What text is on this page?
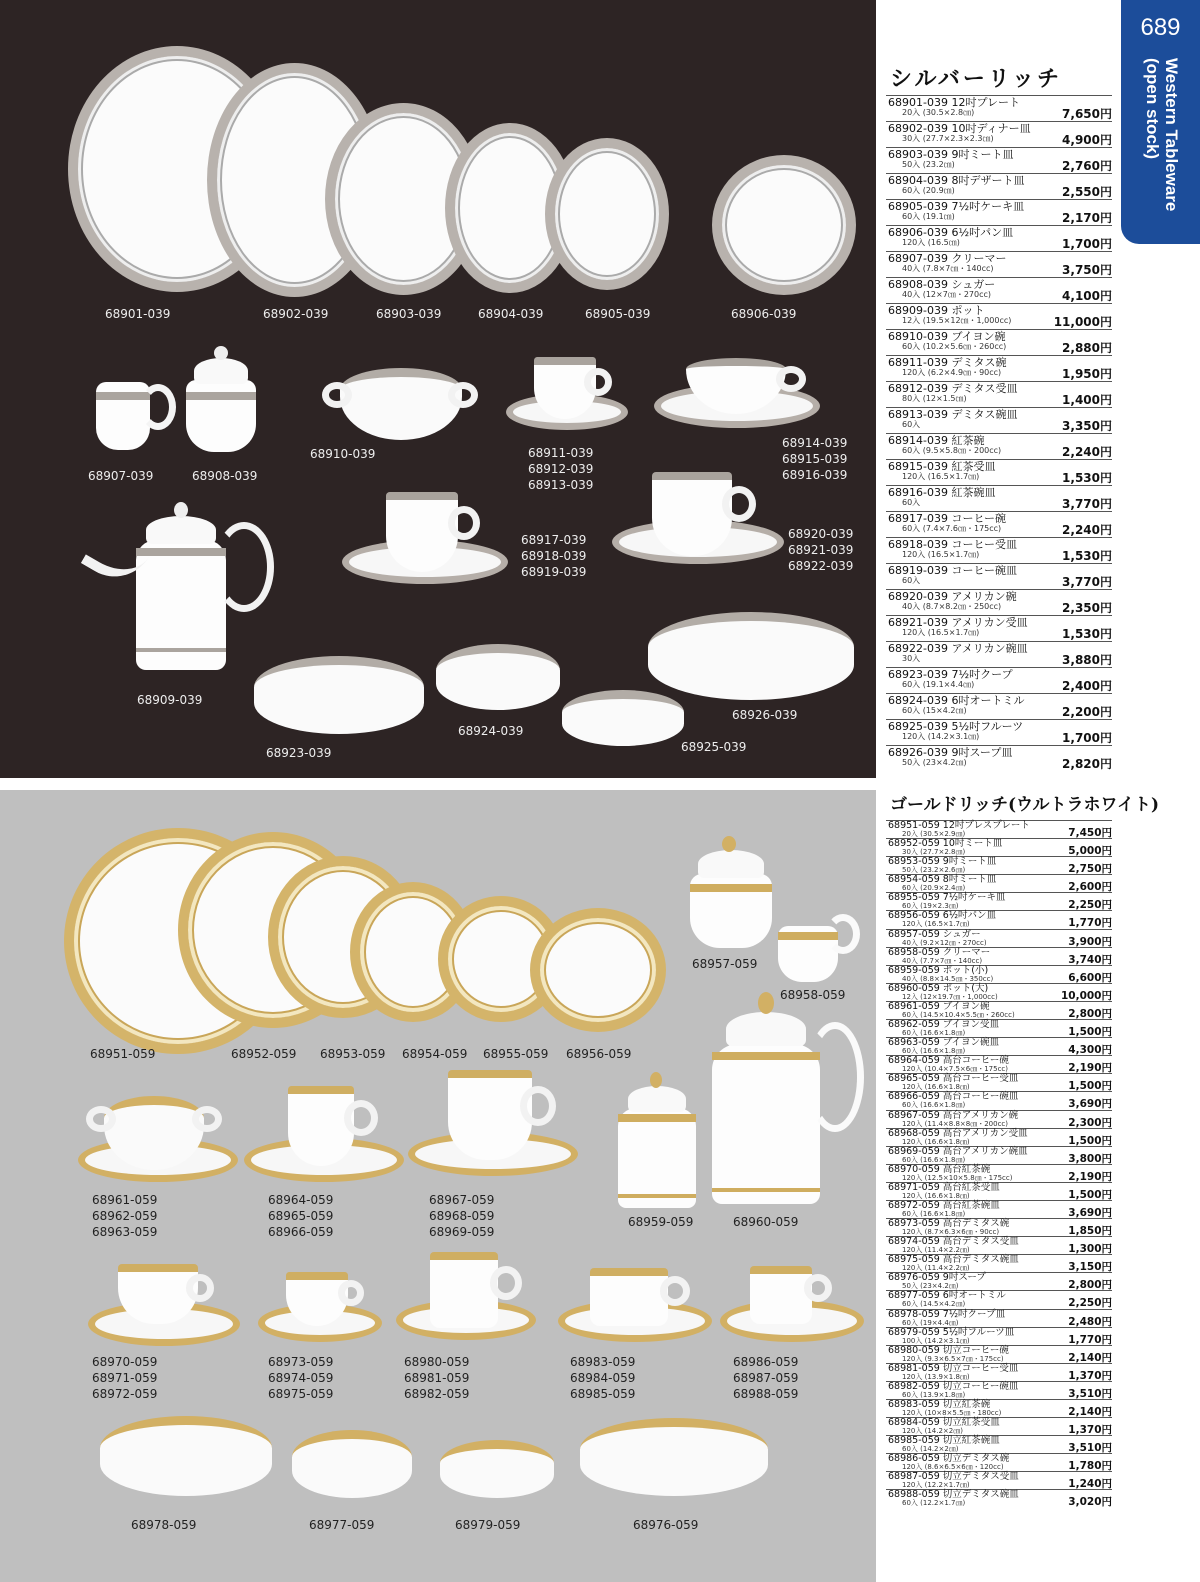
68901-039	68902-039	68903-039	68904-039	68905-039	68906-039
68907-039	68908-039
68910-039	68911-039
68912-039
68913-039
68914-039
68915-039
68916-039
68917-039
68918-039
68919-039
68920-039
68921-039
68922-039
68909-039
68923-039
68924-039
68925-039
68926-039
68951-059	68952-059 68953-059 68954-059 68955-059 68956-059
68957-059
68958-059
68959-059	68960-059
68961-059
68962-059
68963-059
68964-059
68965-059
68966-059
68967-059
68968-059
68969-059
68970-059
68971-059
68972-059
68973-059
68974-059
68975-059
68980-059
68981-059
68982-059
68983-059
68984-059
68985-059
68986-059
68987-059
68988-059
68978-059	68977-059	68979-059	68976-059
シルバーリッチ
68901-039 12吋プレート
20入 (30.5×2.8㎝)	7,650円
68902-039 10吋ディナー皿
30入 (27.7×2.3×2.3㎝)	4,900円
68903-039 9吋ミート皿
50入 (23.2㎝)	2,760円
68904-039 8吋デザート皿
60入 (20.9㎝)	2,550円
68905-039 7½吋ケーキ皿
60入 (19.1㎝)	2,170円
68906-039 6½吋パン皿
120入 (16.5㎝)	1,700円
68907-039 クリーマー
40入 (7.8×7㎝・140cc)	3,750円
68908-039 シュガー
40入 (12×7㎝・270cc)	4,100円
68909-039 ポット
12入 (19.5×12㎝・1,000cc)	11,000円
68910-039 ブイヨン碗
60入 (10.2×5.6㎝・260cc)	2,880円
68911-039 デミタス碗
120入 (6.2×4.9㎝・90cc)	1,950円
68912-039 デミタス受皿
80入 (12×1.5㎝)	1,400円
68913-039 デミタス碗皿
60入	3,350円
68914-039 紅茶碗
60入 (9.5×5.8㎝・200cc)	2,240円
68915-039 紅茶受皿
120入 (16.5×1.7㎝)	1,530円
68916-039 紅茶碗皿
60入	3,770円
68917-039 コーヒー碗
60入 (7.4×7.6㎝・175cc)	2,240円
68918-039 コーヒー受皿
120入 (16.5×1.7㎝)	1,530円
68919-039 コーヒー碗皿
60入	3,770円
68920-039 アメリカン碗
40入 (8.7×8.2㎝・250cc)	2,350円
68921-039 アメリカン受皿
120入 (16.5×1.7㎝)	1,530円
68922-039 アメリカン碗皿
30入	3,880円
68923-039 7½吋クープ
60入 (19.1×4.4㎝)	2,400円
68924-039 6吋オートミル
60入 (15×4.2㎝)	2,200円
68925-039 5½吋フルーツ
120入 (14.2×3.1㎝)	1,700円
68926-039 9吋スープ皿
50入 (23×4.2㎝)	2,820円
ゴールドリッチ(ウルトラホワイト)
68951-059 12吋プレスプレート
20入 (30.5×2.9㎝)	7,450円
68952-059 10吋ミート皿
30入 (27.7×2.8㎝)	5,000円
68953-059 9吋ミート皿
50入 (23.2×2.6㎝)	2,750円
68954-059 8吋ミート皿
60入 (20.9×2.4㎝)	2,600円
68955-059 7½吋ケーキ皿
60入 (19×2.3㎝)	2,250円
68956-059 6½吋パン皿
120入 (16.5×1.7㎝)	1,770円
68957-059 シュガー
40入 (9.2×12㎝・270cc)	3,900円
68958-059 クリーマー
40入 (7.7×7㎝・140cc)	3,740円
68959-059 ポット(小)
40入 (8.8×14.5㎝・350cc)	6,600円
68960-059 ポット(大)
12入 (12×19.7㎝・1,000cc)	10,000円
68961-059 ブイヨン碗
60入 (14.5×10.4×5.5㎝・260cc)	2,800円
68962-059 ブイヨン受皿
60入 (16.6×1.8㎝)	1,500円
68963-059 ブイヨン碗皿
60入 (16.6×1.8㎝)	4,300円
68964-059 高台コーヒー碗
120入 (10.4×7.5×6㎝・175cc)	2,190円
68965-059 高台コーヒー受皿
120入 (16.6×1.8㎝)	1,500円
68966-059 高台コーヒー碗皿
60入 (16.6×1.8㎝)	3,690円
68967-059 高台アメリカン碗
120入 (11.4×8.8×8㎝・200cc)	2,300円
68968-059 高台アメリカン受皿
120入 (16.6×1.8㎝)	1,500円
68969-059 高台アメリカン碗皿
60入 (16.6×1.8㎝)	3,800円
68970-059 高台紅茶碗
120入 (12.5×10×5.8㎝・175cc)	2,190円
68971-059 高台紅茶受皿
120入 (16.6×1.8㎝)	1,500円
68972-059 高台紅茶碗皿
60入 (16.6×1.8㎝)	3,690円
68973-059 高台デミタス碗
120入 (8.7×6.3×6㎝・90cc)	1,850円
68974-059 高台デミタス受皿
120入 (11.4×2.2㎝)	1,300円
68975-059 高台デミタス碗皿
120入 (11.4×2.2㎝)	3,150円
68976-059 9吋スープ
50入 (23×4.2㎝)	2,800円
68977-059 6吋オートミル
60入 (14.5×4.2㎝)	2,250円
68978-059 7½吋クープ皿
60入 (19×4.4㎝)	2,480円
68979-059 5½吋フルーツ皿
100入 (14.2×3.1㎝)	1,770円
68980-059 切立コーヒー碗
120入 (9.3×6.5×7㎝・175cc)	2,140円
68981-059 切立コーヒー受皿
120入 (13.9×1.8㎝)	1,370円
68982-059 切立コーヒー碗皿
60入 (13.9×1.8㎝)	3,510円
68983-059 切立紅茶碗
120入 (10×8×5.5㎝・180cc)	2,140円
68984-059 切立紅茶受皿
120入 (14.2×2㎝)	1,370円
68985-059 切立紅茶碗皿
60入 (14.2×2㎝)	3,510円
68986-059 切立デミタス碗
120入 (8.6×6.5×6㎝・120cc)	1,780円
68987-059 切立デミタス受皿
120入 (12.2×1.7㎝)	1,240円
68988-059 切立デミタス碗皿
60入 (12.2×1.7㎝)	3,020円
689
Western Tableware
(open stock)
